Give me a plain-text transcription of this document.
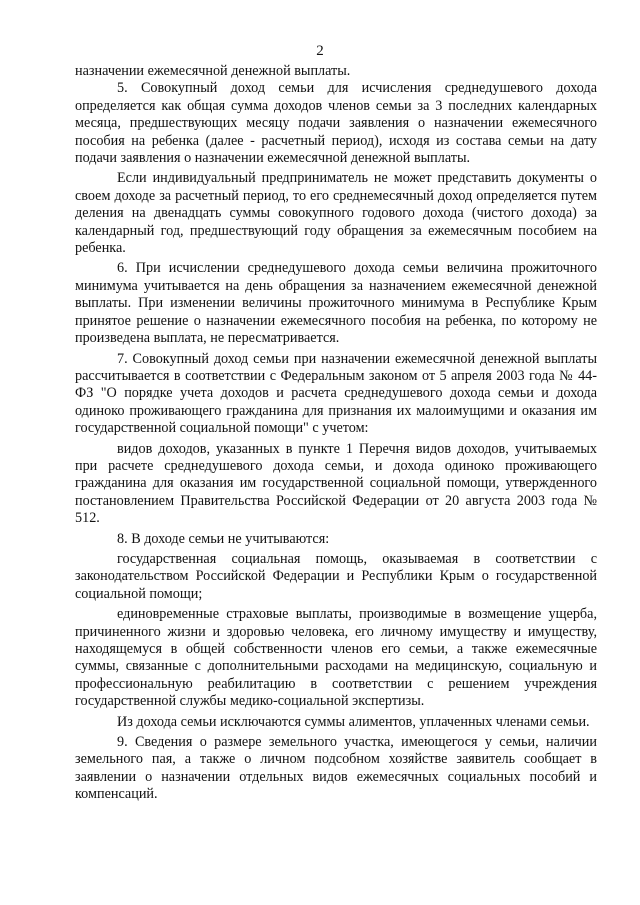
2

назначении ежемесячной денежной выплаты.

5. Совокупный доход семьи для исчисления среднедушевого дохода определяется как общая сумма доходов членов семьи за 3 последних календарных месяца, предшествующих месяцу подачи заявления о назначении ежемесячного пособия на ребенка (далее - расчетный период), исходя из состава семьи на дату подачи заявления о назначении ежемесячной денежной выплаты.

Если индивидуальный предприниматель не может представить документы о своем доходе за расчетный период, то его среднемесячный доход определяется путем деления на двенадцать суммы совокупного годового дохода (чистого дохода) за календарный год, предшествующий году обращения за ежемесячным пособием на ребенка.

6. При исчислении среднедушевого дохода семьи величина прожиточного минимума учитывается на день обращения за назначением ежемесячной денежной выплаты. При изменении величины прожиточного минимума в Республике Крым принятое решение о назначении ежемесячного пособия на ребенка, по которому не произведена выплата, не пересматривается.

7. Совокупный доход семьи при назначении ежемесячной денежной выплаты рассчитывается в соответствии с Федеральным законом от 5 апреля 2003 года № 44-ФЗ "О порядке учета доходов и расчета среднедушевого дохода семьи и дохода одиноко проживающего гражданина для признания их малоимущими и оказания им государственной социальной помощи" с учетом:

видов доходов, указанных в пункте 1 Перечня видов доходов, учитываемых при расчете среднедушевого дохода семьи, и дохода одиноко проживающего гражданина для оказания им государственной социальной помощи, утвержденного постановлением Правительства Российской Федерации от 20 августа 2003 года № 512.

8. В доходе семьи не учитываются:

государственная социальная помощь, оказываемая в соответствии с законодательством Российской Федерации и Республики Крым о государственной социальной помощи;

единовременные страховые выплаты, производимые в возмещение ущерба, причиненного жизни и здоровью человека, его личному имуществу и имуществу, находящемуся в общей собственности членов его семьи, а также ежемесячные суммы, связанные с дополнительными расходами на медицинскую, социальную и профессиональную реабилитацию в соответствии с решением учреждения государственной службы медико-социальной экспертизы.

Из дохода семьи исключаются суммы алиментов, уплаченных членами семьи.

9. Сведения о размере земельного участка, имеющегося у семьи, наличии земельного пая, а также о личном подсобном хозяйстве заявитель сообщает в заявлении о назначении отдельных видов ежемесячных социальных пособий и компенсаций.
